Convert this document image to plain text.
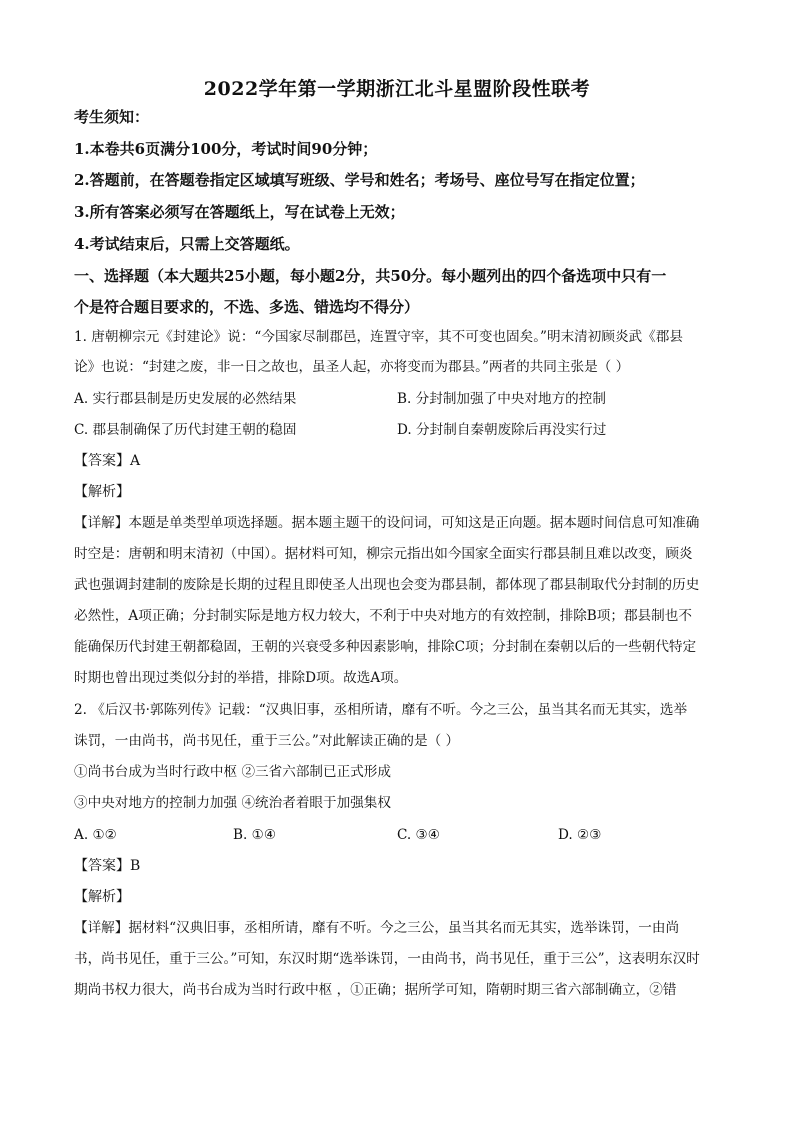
2022学年第一学期浙江北斗星盟阶段性联考
考生须知：
1.本卷共6页满分100分，考试时间90分钟；
2.答题前，在答题卷指定区域填写班级、学号和姓名；考场号、座位号写在指定位置；
3.所有答案必须写在答题纸上，写在试卷上无效；
4.考试结束后，只需上交答题纸。
一、选择题（本大题共25小题，每小题2分，共50分。每小题列出的四个备选项中只有一
个是符合题目要求的，不选、多选、错选均不得分）
1. 唐朝柳宗元《封建论》说：“今国家尽制郡邑，连置守宰，其不可变也固矣。”明末清初顾炎武《郡县
论》也说：“封建之废，非一日之故也，虽圣人起，亦将变而为郡县。”两者的共同主张是（ ）
A. 实行郡县制是历史发展的必然结果	B. 分封制加强了中央对地方的控制
C. 郡县制确保了历代封建王朝的稳固	D. 分封制自秦朝废除后再没实行过
【答案】A
【解析】
【详解】本题是单类型单项选择题。据本题主题干的设问词，可知这是正向题。据本题时间信息可知准确
时空是：唐朝和明末清初（中国）。据材料可知，柳宗元指出如今国家全面实行郡县制且难以改变，顾炎
武也强调封建制的废除是长期的过程且即使圣人出现也会变为郡县制，都体现了郡县制取代分封制的历史
必然性，A项正确；分封制实际是地方权力较大，不利于中央对地方的有效控制，排除B项；郡县制也不
能确保历代封建王朝都稳固，王朝的兴衰受多种因素影响，排除C项；分封制在秦朝以后的一些朝代特定
时期也曾出现过类似分封的举措，排除D项。故选A项。
2. 《后汉书·郭陈列传》记载：“汉典旧事，丞相所请，靡有不听。今之三公，虽当其名而无其实，选举
诛罚，一由尚书，尚书见任，重于三公。”对此解读正确的是（ ）
①尚书台成为当时行政中枢 ②三省六部制已正式形成
③中央对地方的控制力加强 ④统治者着眼于加强集权
A. ①②	B. ①④	C. ③④	D. ②③
【答案】B
【解析】
【详解】据材料“汉典旧事，丞相所请，靡有不听。今之三公，虽当其名而无其实，选举诛罚，一由尚
书，尚书见任，重于三公。”可知，东汉时期“选举诛罚，一由尚书，尚书见任，重于三公”，这表明东汉时
期尚书权力很大，尚书台成为当时行政中枢 ，①正确；据所学可知，隋朝时期三省六部制确立，②错
